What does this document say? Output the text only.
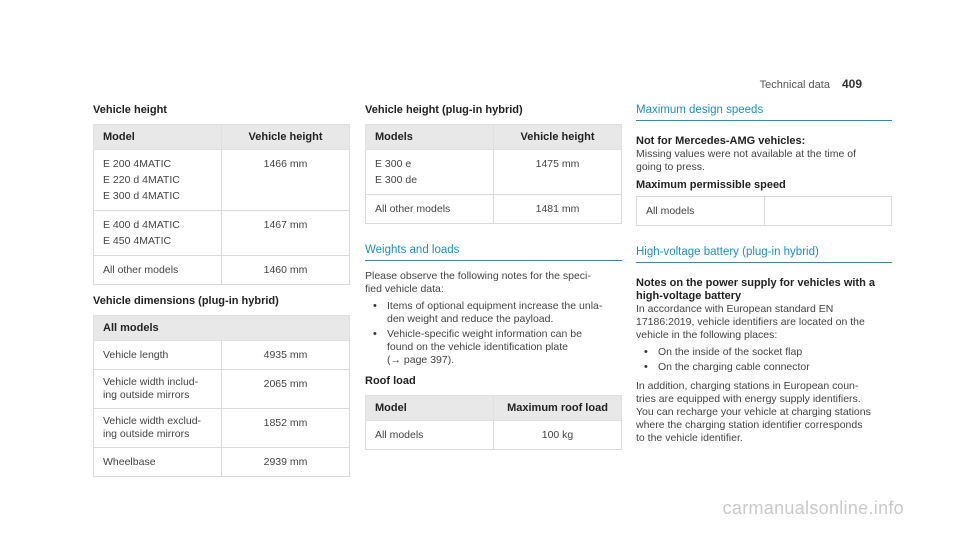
Technical data 409
Vehicle height
Model	Vehicle height

E 200 4MATIC
E 220 d 4MATIC
E 300 d 4MATIC	1466 mm

E 400 d 4MATIC
E 450 4MATIC	1467 mm

All other models	1460 mm
Vehicle dimensions (plug-in hybrid)
All models	

Vehicle length	4935 mm

Vehicle width includ-
ing outside mirrors	2065 mm

Vehicle width exclud-
ing outside mirrors	1852 mm

Wheelbase	2939 mm
Vehicle height (plug-in hybrid)
Models	Vehicle height

E 300 e
E 300 de	1475 mm

All other models	1481 mm
Weights and loads

Please observe the following notes for the speci-
fied vehicle data:

• Items of optional equipment increase the unla-
den weight and reduce the payload.
• Vehicle-specific weight information can be
found on the vehicle identification plate
(→ page 397).
Roof load
Model	Maximum roof load
All models	100 kg
Maximum design speeds
Not for Mercedes-AMG vehicles:

Missing values were not available at the time of
going to press.

Maximum permissible speed
All models	
High-voltage battery (plug-in hybrid)
Notes on the power supply for vehicles with a
high-voltage battery

In accordance with European standard EN
17186:2019, vehicle identifiers are located on the
vehicle in the following places:

• On the inside of the socket flap
• On the charging cable connector

In addition, charging stations in European coun-
tries are equipped with energy supply identifiers.
You can recharge your vehicle at charging stations
where the charging station identifier corresponds
to the vehicle identifier.

carmanualsonline.info
